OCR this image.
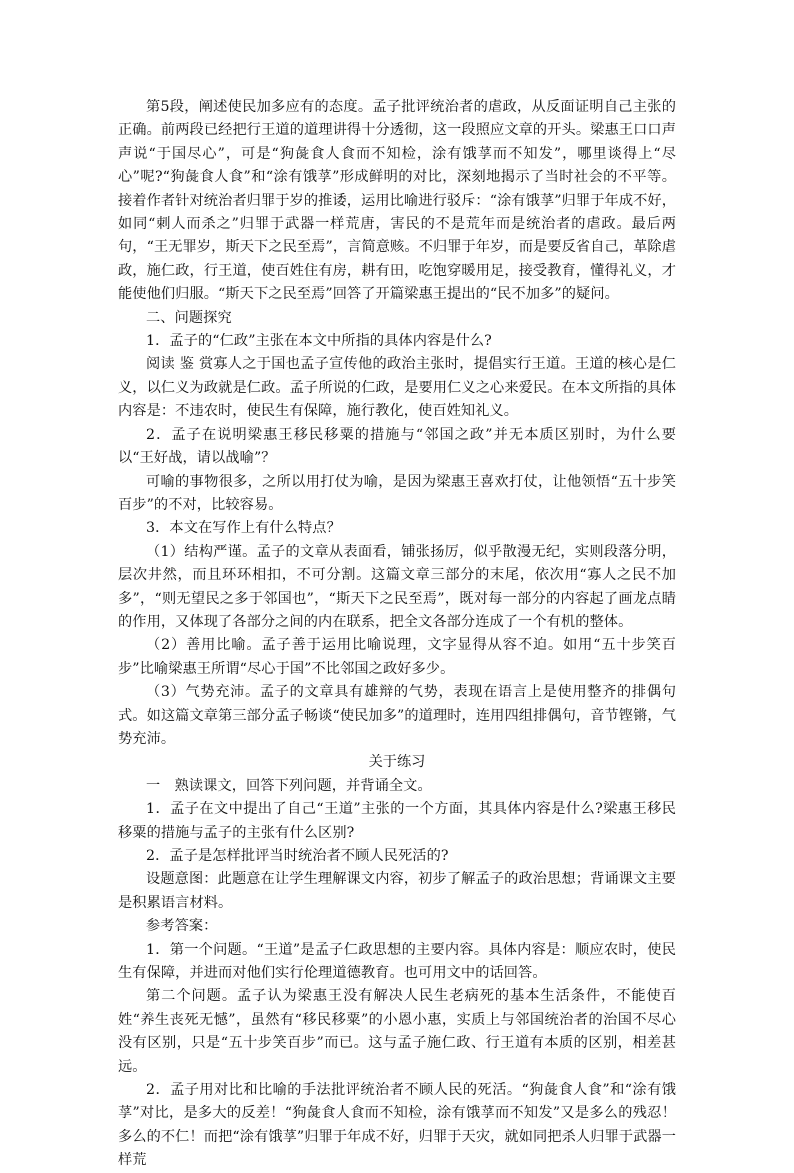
第5段，阐述使民加多应有的态度。孟子批评统治者的虐政，从反面证明自己主张的正确。前两段已经把行王道的道理讲得十分透彻，这一段照应文章的开头。梁惠王口口声声说“于国尽心”，可是“狗彘食人食而不知检，涂有饿莩而不知发”，哪里谈得上“尽心”呢?“狗彘食人食”和“涂有饿莩”形成鲜明的对比，深刻地揭示了当时社会的不平等。接着作者针对统治者归罪于岁的推诿，运用比喻进行驳斥：“涂有饿莩”归罪于年成不好，如同“刺人而杀之”归罪于武器一样荒唐，害民的不是荒年而是统治者的虐政。最后两句，“王无罪岁，斯天下之民至焉”，言简意赅。不归罪于年岁，而是要反省自己，革除虐政，施仁政，行王道，使百姓住有房，耕有田，吃饱穿暖用足，接受教育，懂得礼义，才能使他们归服。“斯天下之民至焉”回答了开篇梁惠王提出的“民不加多”的疑问。

二、问题探究

1．孟子的“仁政”主张在本文中所指的具体内容是什么?

阅读 鉴 赏寡人之于国也孟子宣传他的政治主张时，提倡实行王道。王道的核心是仁义，以仁义为政就是仁政。孟子所说的仁政，是要用仁义之心来爱民。在本文所指的具体内容是：不违农时，使民生有保障，施行教化，使百姓知礼义。

2．孟子在说明梁惠王移民移粟的措施与“邻国之政”并无本质区别时，为什么要以“王好战，请以战喻”？

可喻的事物很多，之所以用打仗为喻，是因为梁惠王喜欢打仗，让他领悟“五十步笑百步”的不对，比较容易。

3．本文在写作上有什么特点？

（1）结构严谨。孟子的文章从表面看，铺张扬厉，似乎散漫无纪，实则段落分明，层次井然，而且环环相扣，不可分割。这篇文章三部分的末尾，依次用“寡人之民不加多”，“则无望民之多于邻国也”，“斯天下之民至焉”，既对每一部分的内容起了画龙点睛的作用，又体现了各部分之间的内在联系，把全文各部分连成了一个有机的整体。

（2）善用比喻。孟子善于运用比喻说理，文字显得从容不迫。如用“五十步笑百步”比喻梁惠王所谓“尽心于国”不比邻国之政好多少。

（3）气势充沛。孟子的文章具有雄辩的气势，表现在语言上是使用整齐的排偶句式。如这篇文章第三部分孟子畅谈“使民加多”的道理时，连用四组排偶句，音节铿锵，气势充沛。

关于练习

一　熟读课文，回答下列问题，并背诵全文。

1．孟子在文中提出了自己“王道”主张的一个方面，其具体内容是什么?梁惠王移民移粟的措施与孟子的主张有什么区别?

2．孟子是怎样批评当时统治者不顾人民死活的?

设题意图：此题意在让学生理解课文内容，初步了解孟子的政治思想；背诵课文主要是积累语言材料。

参考答案：

1．第一个问题。“王道”是孟子仁政思想的主要内容。具体内容是：顺应农时，使民生有保障，并进而对他们实行伦理道德教育。也可用文中的话回答。

第二个问题。孟子认为梁惠王没有解决人民生老病死的基本生活条件，不能使百姓“养生丧死无憾”，虽然有“移民移粟”的小恩小惠，实质上与邻国统治者的治国不尽心没有区别，只是“五十步笑百步”而已。这与孟子施仁政、行王道有本质的区别，相差甚远。

2．孟子用对比和比喻的手法批评统治者不顾人民的死活。“狗彘食人食”和“涂有饿莩”对比，是多大的反差！“狗彘食人食而不知检，涂有饿莩而不知发”又是多么的残忍！多么的不仁！而把“涂有饿莩”归罪于年成不好，归罪于天灾，就如同把杀人归罪于武器一样荒
